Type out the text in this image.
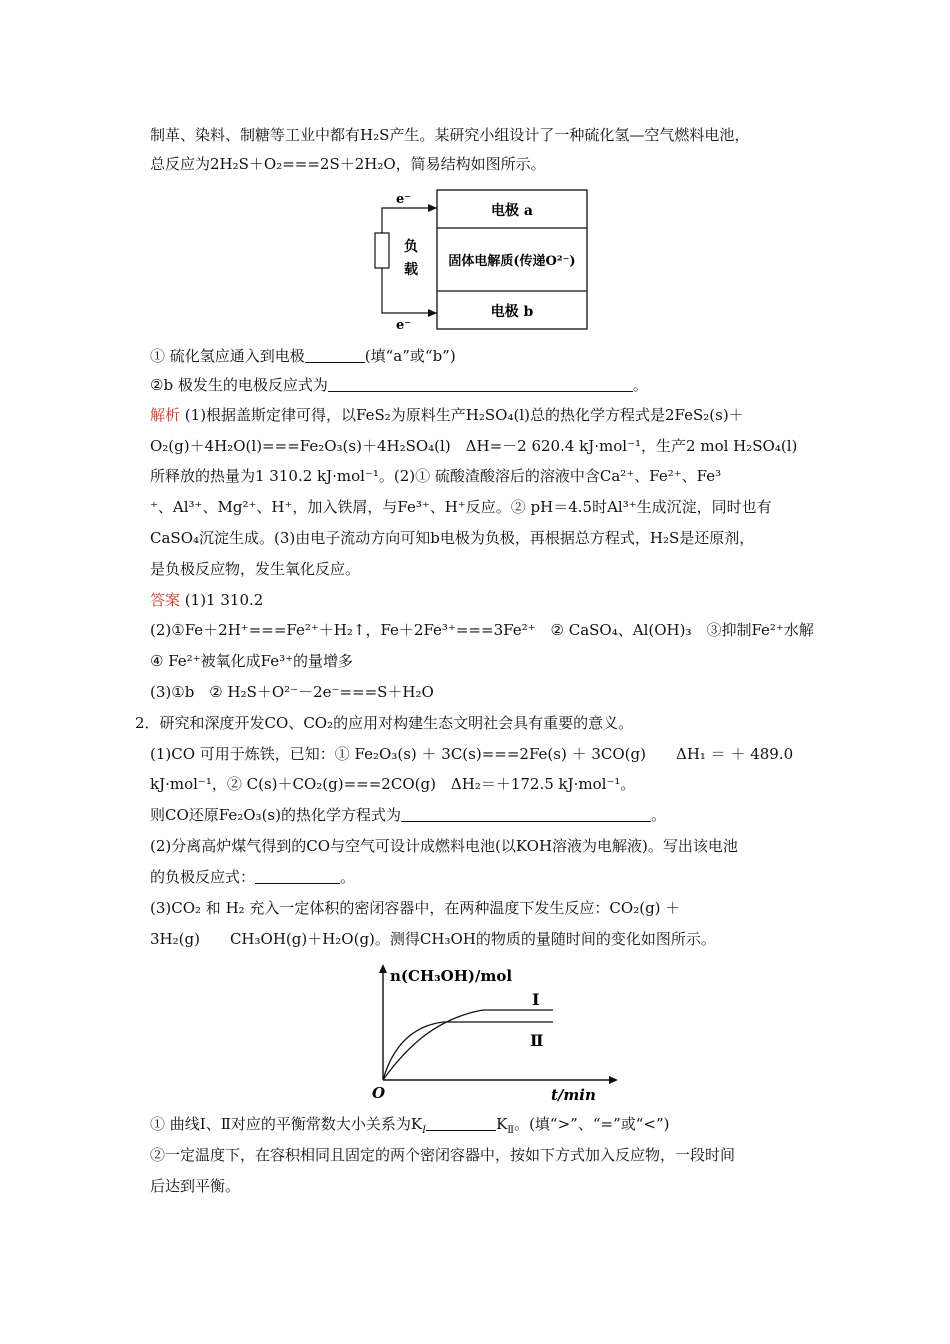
制革、染料、制糖等工业中都有H₂S产生。某研究小组设计了一种硫化氢—空气燃料电池，
总反应为2H₂S＋O₂===2S＋2H₂O，简易结构如图所示。
电极 a
固体电解质(传递O²⁻)
电极 b
负
载
e⁻
e⁻
① 硫化氢应通入到电极	(填“a”或“b”)
②b 极发生的电极反应式为	。
解析 (1)根据盖斯定律可得，以FeS₂为原料生产H₂SO₄(l)总的热化学方程式是2FeS₂(s)＋
O₂(g)＋4H₂O(l)===Fe₂O₃(s)＋4H₂SO₄(l)　ΔH=－2 620.4 kJ·mol⁻¹，生产2 mol H₂SO₄(l)
所释放的热量为1 310.2 kJ·mol⁻¹。(2)① 硫酸渣酸溶后的溶液中含Ca²⁺、Fe²⁺、Fe³
⁺、Al³⁺、Mg²⁺、H⁺，加入铁屑，与Fe³⁺、H⁺反应。② pH＝4.5时Al³⁺生成沉淀，同时也有
CaSO₄沉淀生成。(3)由电子流动方向可知b电极为负极，再根据总方程式，H₂S是还原剂，
是负极反应物，发生氧化反应。
答案 (1)1 310.2
(2)①Fe＋2H⁺===Fe²⁺＋H₂↑，Fe＋2Fe³⁺===3Fe²⁺　② CaSO₄、Al(OH)₃　③抑制Fe²⁺水解
④ Fe²⁺被氧化成Fe³⁺的量增多
(3)①b　② H₂S＋O²⁻－2e⁻===S＋H₂O
2．研究和深度开发CO、CO₂的应用对构建生态文明社会具有重要的意义。
(1)CO 可用于炼铁，已知：① Fe₂O₃(s) ＋ 3C(s)===2Fe(s) ＋ 3CO(g)　　ΔH₁ ＝ ＋ 489.0
kJ·mol⁻¹，② C(s)＋CO₂(g)===2CO(g)　ΔH₂＝＋172.5 kJ·mol⁻¹。
则CO还原Fe₂O₃(s)的热化学方程式为	。
(2)分离高炉煤气得到的CO与空气可设计成燃料电池(以KOH溶液为电解液)。写出该电池
的负极反应式：	。
(3)CO₂ 和 H₂ 充入一定体积的密闭容器中，在两种温度下发生反应：CO₂(g) ＋
3H₂(g)　　CH₃OH(g)＋H₂O(g)。测得CH₃OH的物质的量随时间的变化如图所示。
n(CH₃OH)/mol
t/min
O
Ⅰ
Ⅱ
① 曲线Ⅰ、Ⅱ对应的平衡常数大小关系为$K_Ⅰ$	$K_Ⅱ$。(填“>”、“=”或“<”)
②一定温度下，在容积相同且固定的两个密闭容器中，按如下方式加入反应物，一段时间
后达到平衡。
